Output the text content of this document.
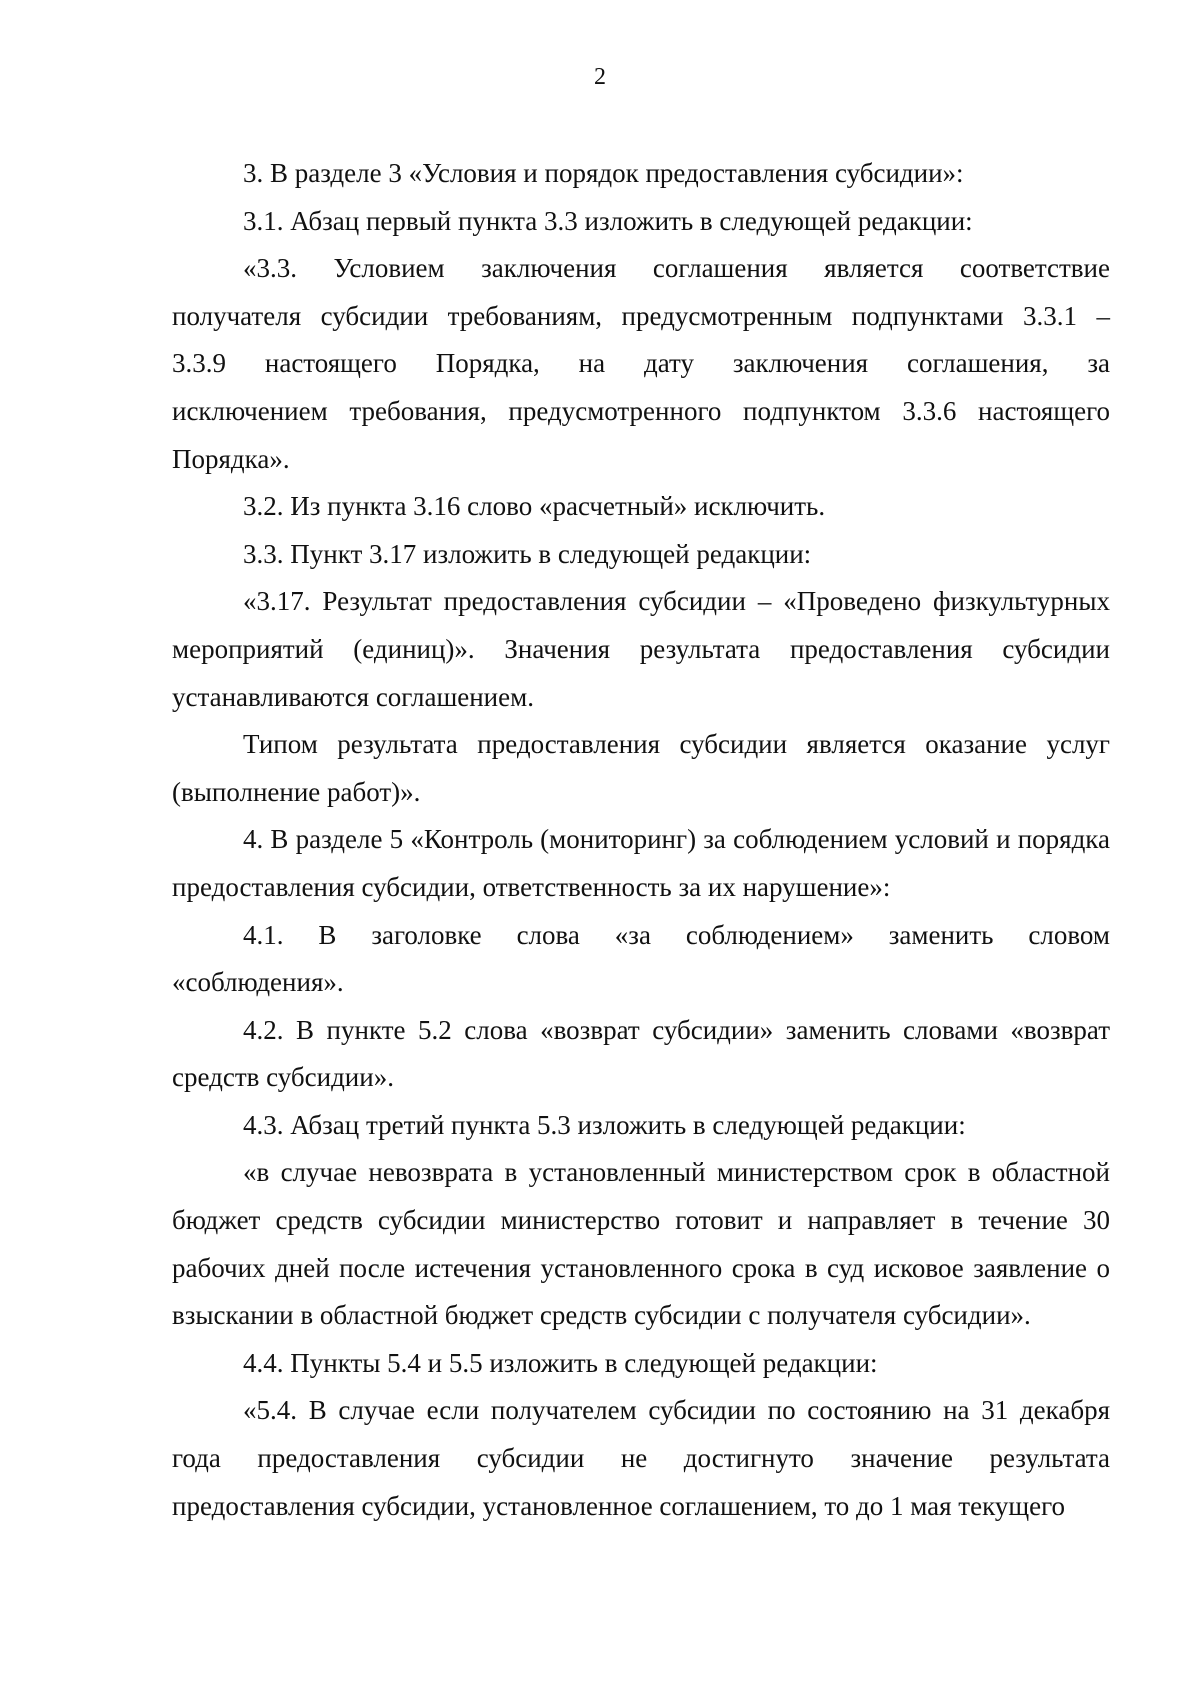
2

3. В разделе 3 «Условия и порядок предоставления субсидии»:

3.1. Абзац первый пункта 3.3 изложить в следующей редакции:

«3.3. Условием заключения соглашения является соответствие получателя субсидии требованиям, предусмотренным подпунктами 3.3.1 – 3.3.9 настоящего Порядка, на дату заключения соглашения, за исключением требования, предусмотренного подпунктом 3.3.6 настоящего Порядка».

3.2. Из пункта 3.16 слово «расчетный» исключить.

3.3. Пункт 3.17 изложить в следующей редакции:

«3.17. Результат предоставления субсидии – «Проведено физкультурных мероприятий (единиц)». Значения результата предоставления субсидии устанавливаются соглашением.

Типом результата предоставления субсидии является оказание услуг (выполнение работ)».

4. В разделе 5 «Контроль (мониторинг) за соблюдением условий и порядка предоставления субсидии, ответственность за их нарушение»:

4.1. В заголовке слова «за соблюдением» заменить словом «соблюдения».

4.2. В пункте 5.2 слова «возврат субсидии» заменить словами «возврат средств субсидии».

4.3. Абзац третий пункта 5.3 изложить в следующей редакции:

«в случае невозврата в установленный министерством срок в областной бюджет средств субсидии министерство готовит и направляет в течение 30 рабочих дней после истечения установленного срока в суд исковое заявление о взыскании в областной бюджет средств субсидии с получателя субсидии».

4.4. Пункты 5.4 и 5.5 изложить в следующей редакции:

«5.4. В случае если получателем субсидии по состоянию на 31 декабря года предоставления субсидии не достигнуто значение результата предоставления субсидии, установленное соглашением, то до 1 мая текущего
